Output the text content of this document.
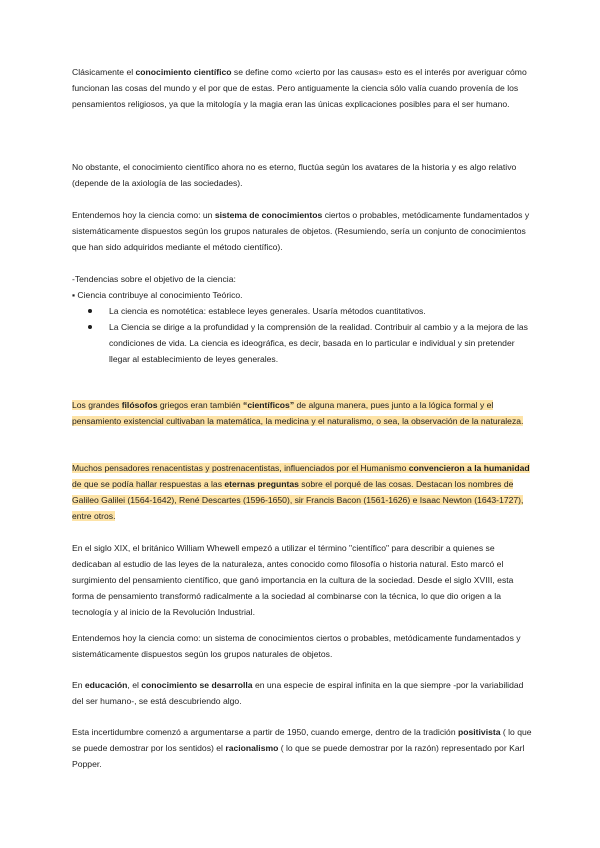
Clásicamente el conocimiento científico se define como «cierto por las causas» esto es el interés por averiguar cómo funcionan las cosas del mundo y el por que de estas. Pero antiguamente la ciencia sólo valía cuando provenía de los pensamientos religiosos, ya que la mitología y la magia eran las únicas explicaciones posibles para el ser humano.

No obstante, el conocimiento científico ahora no es eterno, fluctúa según los avatares de la historia y es algo relativo (depende de la axiología de las sociedades).

Entendemos hoy la ciencia como: un sistema de conocimientos ciertos o probables, metódicamente fundamentados y sistemáticamente dispuestos según los grupos naturales de objetos. (Resumiendo, sería un conjunto de conocimientos que han sido adquiridos mediante el método científico).

-Tendencias sobre el objetivo de la ciencia:
▪ Ciencia contribuye al conocimiento Teórico.
La ciencia es nomotética: establece leyes generales. Usaría métodos cuantitativos.
La Ciencia se dirige a la profundidad y la comprensión de la realidad. Contribuir al cambio y a la mejora de las condiciones de vida. La ciencia es ideográfica, es decir, basada en lo particular e individual y sin pretender llegar al establecimiento de leyes generales.

Los grandes filósofos griegos eran también “científicos” de alguna manera, pues junto a la lógica formal y el pensamiento existencial cultivaban la matemática, la medicina y el naturalismo, o sea, la observación de la naturaleza.

Muchos pensadores renacentistas y postrenacentistas, influenciados por el Humanismo convencieron a la humanidad de que se podía hallar respuestas a las eternas preguntas sobre el porqué de las cosas. Destacan los nombres de Galileo Galilei (1564-1642), René Descartes (1596-1650), sir Francis Bacon (1561-1626) e Isaac Newton (1643-1727), entre otros.

En el siglo XIX, el británico William Whewell empezó a utilizar el término "científico" para describir a quienes se dedicaban al estudio de las leyes de la naturaleza, antes conocido como filosofía o historia natural. Esto marcó el surgimiento del pensamiento científico, que ganó importancia en la cultura de la sociedad. Desde el siglo XVIII, esta forma de pensamiento transformó radicalmente a la sociedad al combinarse con la técnica, lo que dio origen a la tecnología y al inicio de la Revolución Industrial.

Entendemos hoy la ciencia como: un sistema de conocimientos ciertos o probables, metódicamente fundamentados y sistemáticamente dispuestos según los grupos naturales de objetos.

En educación, el conocimiento se desarrolla en una especie de espiral infinita en la que siempre -por la variabilidad del ser humano-, se está descubriendo algo.

Esta incertidumbre comenzó a argumentarse a partir de 1950, cuando emerge, dentro de la tradición positivista ( lo que se puede demostrar por los sentidos) el racionalismo ( lo que se puede demostrar por la razón) representado por Karl Popper.
